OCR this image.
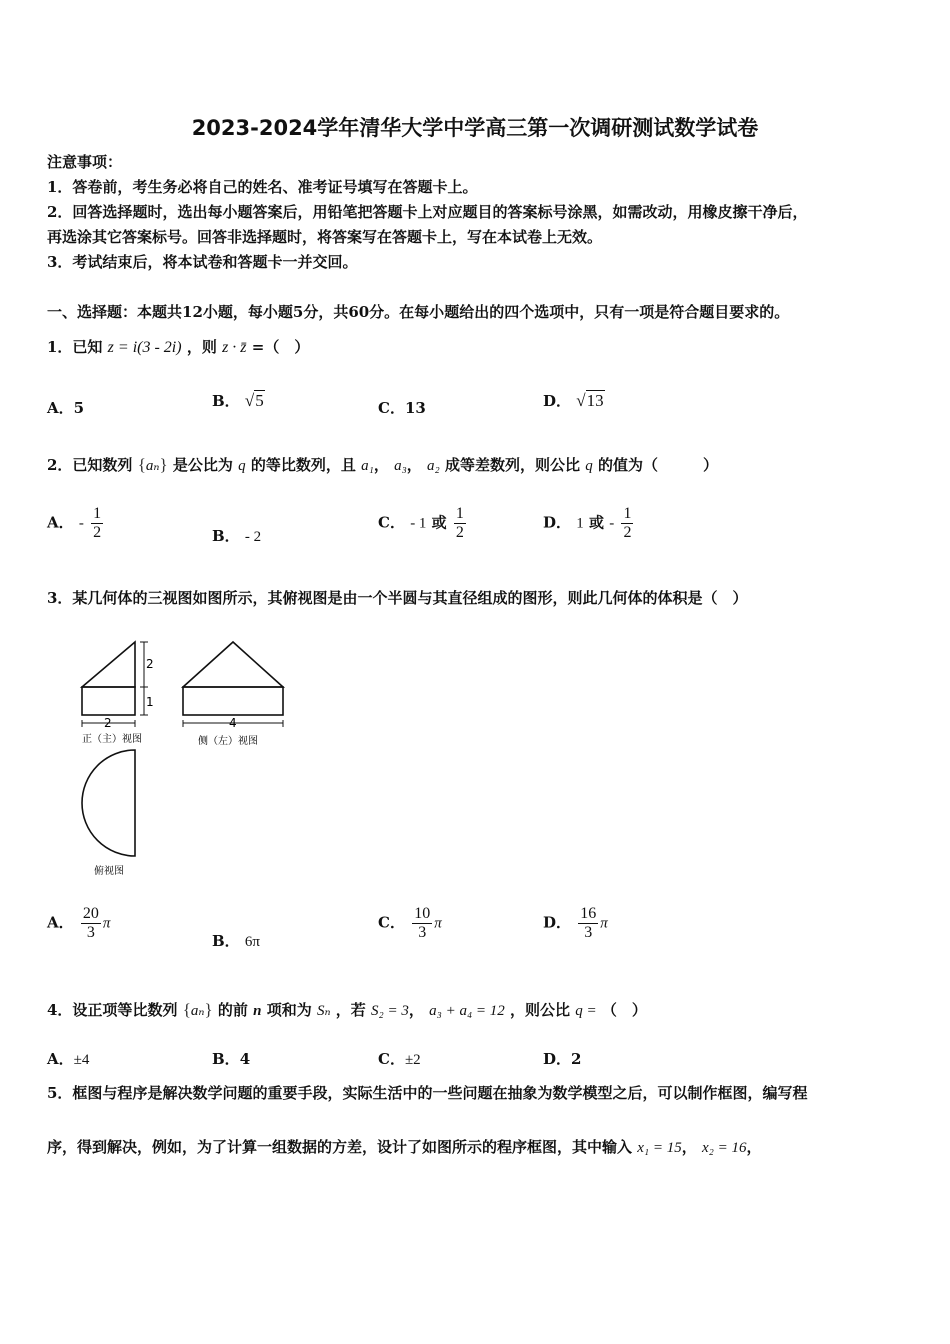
2023-2024学年清华大学中学高三第一次调研测试数学试卷
注意事项：
1．答卷前，考生务必将自己的姓名、准考证号填写在答题卡上。
2．回答选择题时，选出每小题答案后，用铅笔把答题卡上对应题目的答案标号涂黑，如需改动，用橡皮擦干净后，
再选涂其它答案标号。回答非选择题时，将答案写在答题卡上，写在本试卷上无效。
3．考试结束后，将本试卷和答题卡一并交回。
一、选择题：本题共12小题，每小题5分，共60分。在每小题给出的四个选项中，只有一项是符合题目要求的。
1．已知 z = i(3 - 2i) ，则 z · z̄ =（　）
A．5	B． √5	C．13	D． √13
2．已知数列 {aₙ} 是公比为 q 的等比数列，且 a₁， a₃， a₂ 成等差数列，则公比 q 的值为（　　　）
A． - $\frac{1}{2}$	B． - 2
C． - 1 或 $\frac{1}{2}$	D． 1 或 - $\frac{1}{2}$
3．某几何体的三视图如图所示，其俯视图是由一个半圆与其直径组成的图形，则此几何体的体积是（　）
2
1
2
正（主）视图
4
侧（左）视图
俯视图
A． $\frac{20}{3}$ π
B． 6π
C． $\frac{10}{3}$ π	D． $\frac{16}{3}$ π
4．设正项等比数列 {aₙ} 的前 n 项和为 Sₙ ，若 S₂ = 3， a₃ + a₄ = 12 ，则公比 q = （　）
A．±4	B．4	C．±2	D．2
5．框图与程序是解决数学问题的重要手段，实际生活中的一些问题在抽象为数学模型之后，可以制作框图，编写程
序，得到解决，例如，为了计算一组数据的方差，设计了如图所示的程序框图，其中输入 x₁ = 15， x₂ = 16，
